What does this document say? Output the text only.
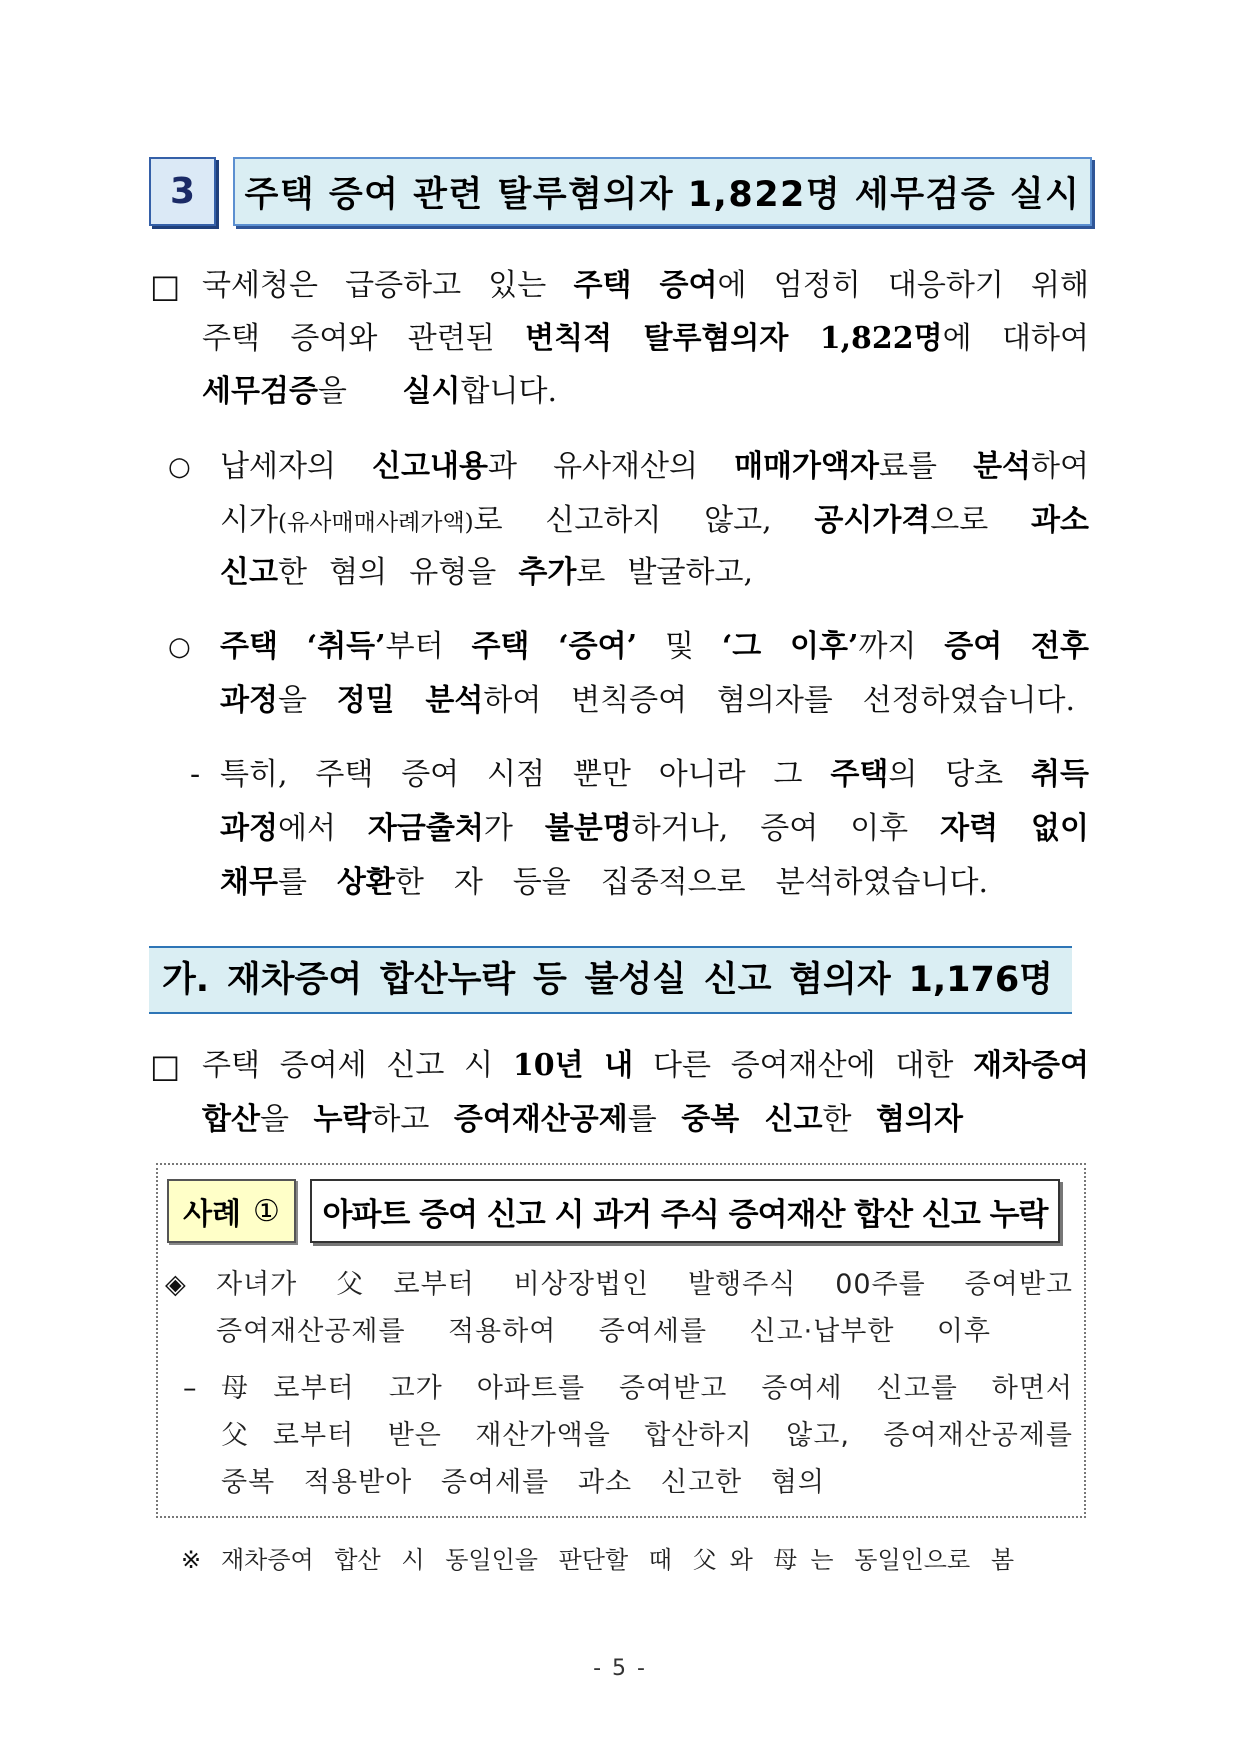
3	주택 증여 관련 탈루혐의자 1,822명 세무검증 실시
□ 국세청은 급증하고 있는 주택 증여에 엄정히 대응하기 위해
주택 증여와 관련된 변칙적 탈루혐의자 1,822명에 대하여
세무검증을 실시합니다.
○ 납세자의 신고내용과 유사재산의 매매가액자료를 분석하여
시가(유사매매사례가액)로 신고하지 않고, 공시가격으로 과소
신고한 혐의 유형을 추가로 발굴하고,
○ 주택 ‘취득’부터 주택 ‘증여’ 및 ‘그 이후’까지 증여 전후
과정을 정밀 분석하여 변칙증여 혐의자를 선정하였습니다.
- 특히, 주택 증여 시점 뿐만 아니라 그 주택의 당초 취득
과정에서 자금출처가 불분명하거나, 증여 이후 자력 없이
채무를 상환한 자 등을 집중적으로 분석하였습니다.
가. 재차증여 합산누락 등 불성실 신고 혐의자 1,176명
□ 주택 증여세 신고 시 10년 내 다른 증여재산에 대한 재차증여
합산을 누락하고 증여재산공제를 중복 신고한 혐의자
사례 ①	아파트 증여 신고 시 과거 주식 증여재산 합산 신고 누락
◈ 자녀가 父로부터 비상장법인 발행주식 00주를 증여받고
증여재산공제를 적용하여 증여세를 신고·납부한 이후
– 母로부터 고가 아파트를 증여받고 증여세 신고를 하면서
父로부터 받은 재산가액을 합산하지 않고, 증여재산공제를
중복 적용받아 증여세를 과소 신고한 혐의
※ 재차증여 합산 시 동일인을 판단할 때 父와 母는 동일인으로 봄
- 5 -
